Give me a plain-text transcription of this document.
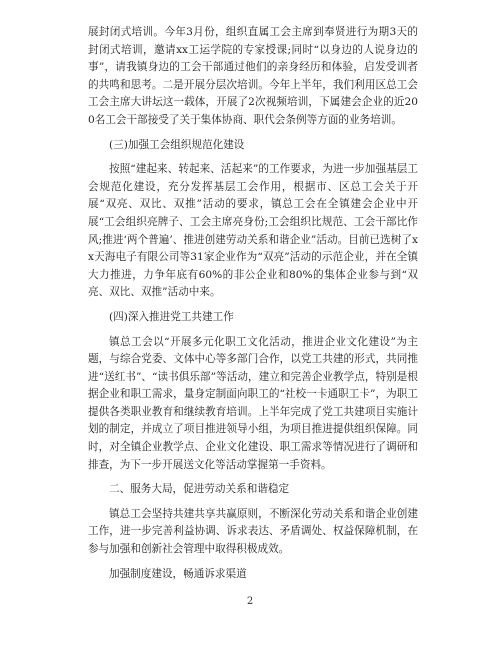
展封闭式培训。今年3月份，组织直属工会主席到奉贤进行为期3天的封闭式培训，邀请xx工运学院的专家授课;同时“以身边的人说身边的事”，请我镇身边的工会干部通过他们的亲身经历和体验，启发受训者的共鸣和思考。二是开展分层次培训。今年上半年，我们利用区总工会工会主席大讲坛这一载体，开展了2次视频培训，下属建会企业的近200名工会干部接受了关于集体协商、职代会条例等方面的业务培训。

(三)加强工会组织规范化建设

按照“建起来、转起来、活起来”的工作要求，为进一步加强基层工会规范化建设，充分发挥基层工会作用，根据市、区总工会关于开展“双亮、双比、双推”活动的要求，镇总工会在全镇建会企业中开展“工会组织亮牌子、工会主席亮身份;工会组织比规范、工会干部比作风;推进‘两个普遍’、推进创建劳动关系和谐企业”活动。目前已选树了xx天海电子有限公司等31家企业作为“双亮”活动的示范企业，并在全镇大力推进，力争年底有60%的非公企业和80%的集体企业参与到“双亮、双比、双推”活动中来。

(四)深入推进党工共建工作

镇总工会以“开展多元化职工文化活动，推进企业文化建设”为主题，与综合党委、文体中心等多部门合作，以党工共建的形式，共同推进“送红书”、“读书俱乐部”等活动，建立和完善企业教学点，特别是根据企业和职工需求，量身定制面向职工的“社校一卡通职工卡”，为职工提供各类职业教育和继续教育培训。上半年完成了党工共建项目实施计划的制定，并成立了项目推进领导小组，为项目推进提供组织保障。同时，对全镇企业教学点、企业文化建设、职工需求等情况进行了调研和排查，为下一步开展送文化等活动掌握第一手资料。

二、服务大局，促进劳动关系和谐稳定

镇总工会坚持共建共享共赢原则，不断深化劳动关系和谐企业创建工作，进一步完善利益协调、诉求表达、矛盾调处、权益保障机制，在参与加强和创新社会管理中取得积极成效。

加强制度建设，畅通诉求渠道

2
